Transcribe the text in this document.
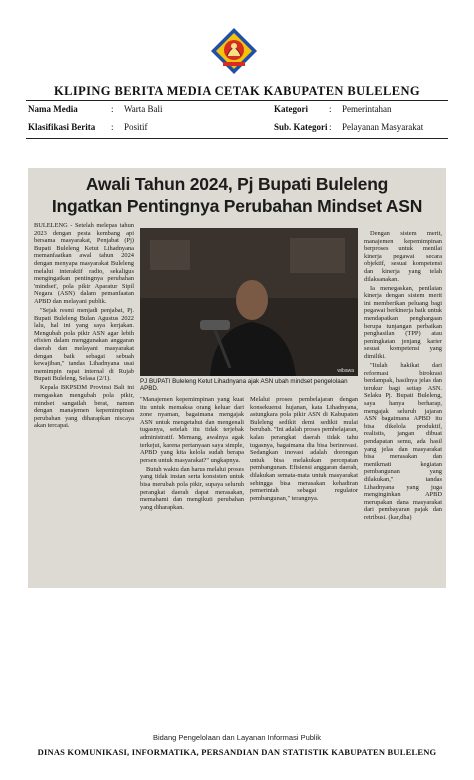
KLIPING BERITA MEDIA CETAK KABUPATEN BULELENG
Nama Media	: Warta Bali	Kategori : Pemerintahan
Klasifikasi Berita : Positif	Sub. Kategori : Pelayanan Masyarakat
Awali Tahun 2024, Pj Bupati Buleleng
Ingatkan Pentingnya Perubahan Mindset ASN

BULELENG - Setelah melepas tahun 2023 dengan pesta kembang api bersama masyarakat, Penjabat (Pj) Bupati Buleleng Ketut Lihadnyana memanfaatkan awal tahun 2024 dengan menyapa masyarakat Buleleng melalui interaktif radio, sekaligus mengingatkan pentingnya perubahan 'mindset', pola pikir Aparatur Sipil Negara (ASN) dalam pemanfaatan APBD dan melayani publik.

"Sejak resmi menjadi penjabat, Pj. Bupati Buleleng Bulan Agustus 2022 lalu, hal ini yang saya kerjakan. Mengubah pola pikir ASN agar lebih efisien dalam menggunakan anggaran daerah dan melayani masyarakat dengan baik sebagai sebuah kewajiban," tandas Lihadnyana usai memimpin rapat internal di Rujab Bupati Buleleng, Selasa (2/1).

Kepala BKPSDM Provinsi Bali ini mengaskan mengubah pola pikir, mindset sangatlah berat, namun dengan manajemen kepemimpinan perubahan yang diharapkan niscaya akan tercapai.

wibawa
PJ BUPATI Buleleng Ketut Lihadnyana ajak ASN ubah mindset pengelolaan APBD.

"Manajemen kepemimpinan yang kuat itu untuk memaksa orang keluar dari zone nyaman, bagaimana mengajak ASN untuk mengetahui dan mengenali tugasnya, setelah itu tidak terjebak administratif. Memang, awalnya agak terkejut, karena pertanyaan saya simple, APBD yang kita kelola sudah berapa persen untuk masyarakat?" ungkapnya.

Butuh waktu dan harus melalui proses yang tidak instan serta konsisten untuk bisa merubah pola pikir, supaya seluruh perangkat daerah dapat merasakan, memahami dan mengikuti perubahan yang diharapkan.

Melalui proses pembelajaran dengan konsekuensi hujanan, kata Lihadnyana, astungkara pola pikir ASN di Kabupaten Buleleng sedikit demi sedikit mulai berubah. "Ini adalah proses pembelajaran, kalau perangkat daerah tidak tahu tugasnya, bagaimana dia bisa berinovasi. Sedangkan inovasi adalah dorongan untuk bisa melakukan percepatan pembangunan. Efisiensi anggaran daerah, dilakukan semata-mata untuk masyarakat sehingga bisa merasakan kehadiran pemerintah sebagai regulator pembangunan," terangnya.

Dengan sistem merit, manajemen kepemimpinan berproses untuk menilai kinerja pegawai secara objektif, sesuai kompetensi dan kinerja yang telah dilaksanakan.

Ia menegaskan, penilaian kinerja dengan sistem merit ini memberikan peluang bagi pegawai berkinerja baik untuk mendapatkan penghargaan berupa tunjangan perbaikan penghasilan (TPP) atau peningkatan jenjang karier sesuai kompetensi yang dimiliki.

"Itulah hakikat dari reformasi birokrasi berdampak, hasilnya jelas dan terukur bagi setiap ASN. Selaku Pj. Bupati Buleleng, saya hanya berharap, mengajak seluruh jajaran ASN bagaimana APBD itu bisa dikelola produktif, realistis, jangan dibuat pendapatan semu, ada hasil yang jelas dan masyarakat bisa merasakan dan menikmati kegiatan pembangunan yang dilakukan," tandas Lihadnyana yang juga menginginkan APBD merupakan dana masyarakat dari pembayaran pajak dan retribusi. (kar,dha)

Bidang Pengelolaan dan Layanan Informasi Publik
DINAS KOMUNIKASI, INFORMATIKA, PERSANDIAN DAN STATISTIK KABUPATEN BULELENG
